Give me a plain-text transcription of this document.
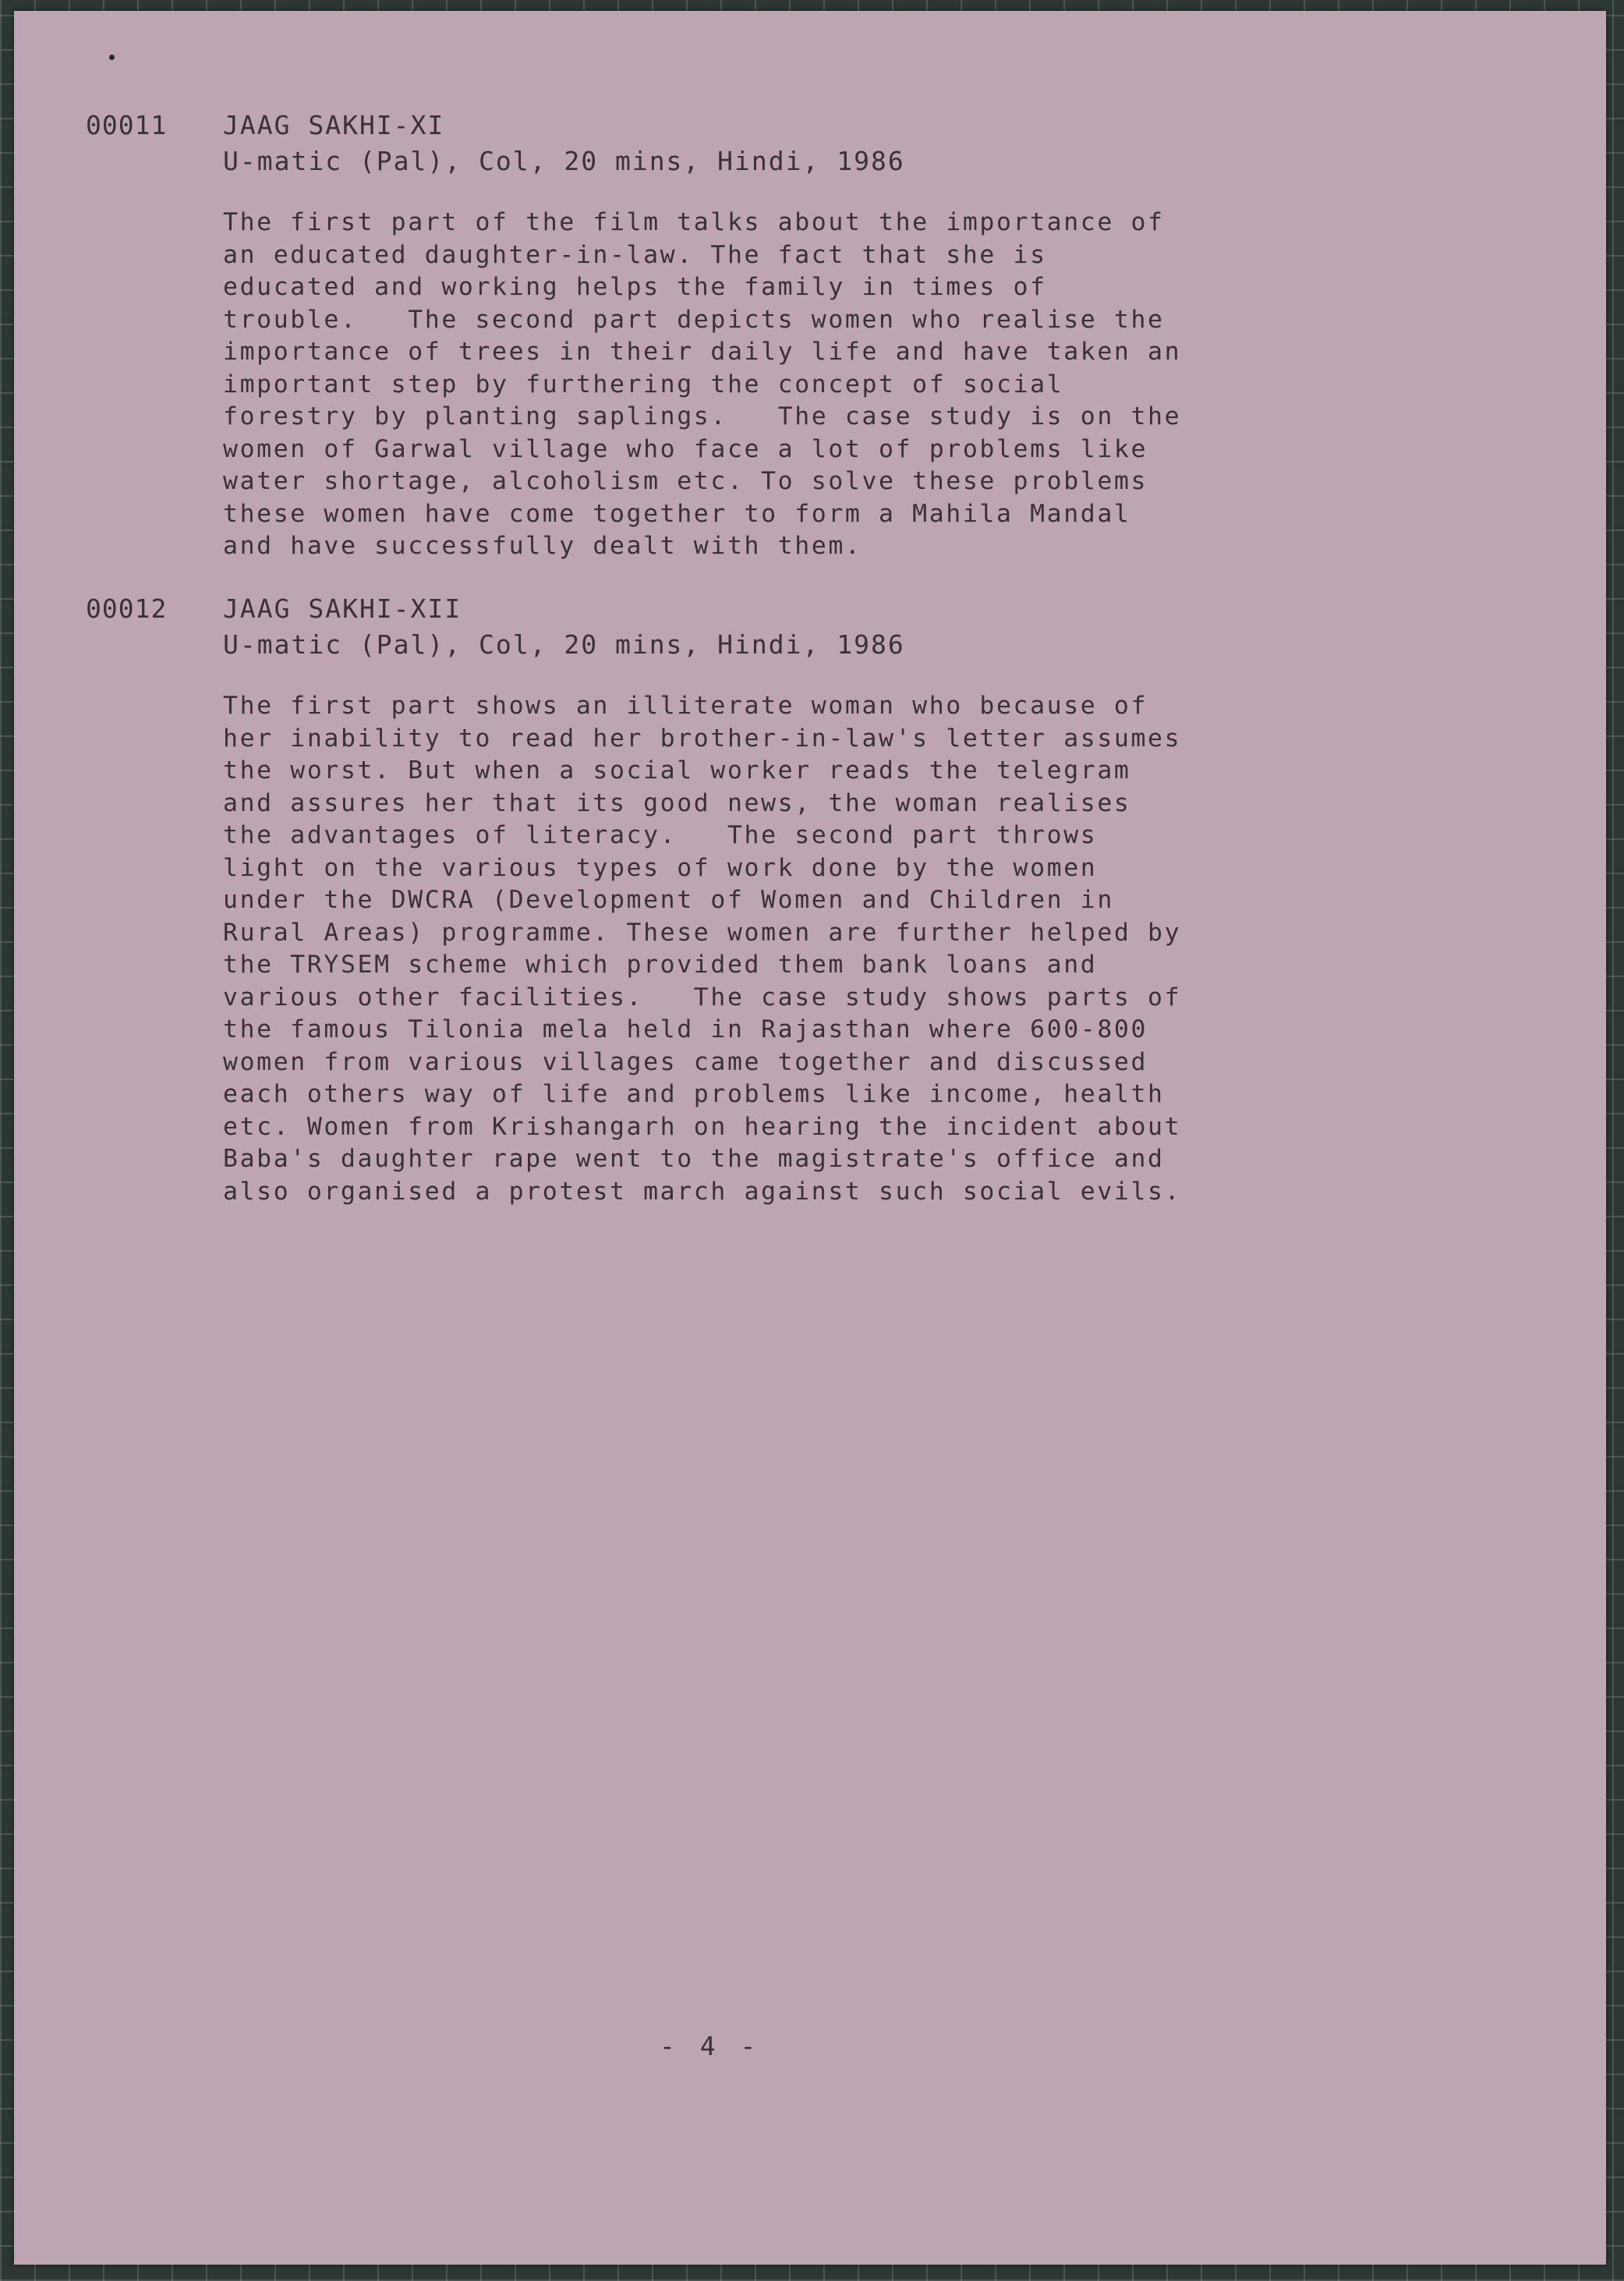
00011 JAAG SAKHI-XI
U-matic (Pal), Col, 20 mins, Hindi, 1986
The first part of the film talks about the importance of
an educated daughter-in-law. The fact that she is
educated and working helps the family in times of
trouble.   The second part depicts women who realise the
importance of trees in their daily life and have taken an
important step by furthering the concept of social
forestry by planting saplings.   The case study is on the
women of Garwal village who face a lot of problems like
water shortage, alcoholism etc. To solve these problems
these women have come together to form a Mahila Mandal
and have successfully dealt with them.
00012 JAAG SAKHI-XII
U-matic (Pal), Col, 20 mins, Hindi, 1986
The first part shows an illiterate woman who because of
her inability to read her brother-in-law's letter assumes
the worst. But when a social worker reads the telegram
and assures her that its good news, the woman realises
the advantages of literacy.   The second part throws
light on the various types of work done by the women
under the DWCRA (Development of Women and Children in
Rural Areas) programme. These women are further helped by
the TRYSEM scheme which provided them bank loans and
various other facilities.   The case study shows parts of
the famous Tilonia mela held in Rajasthan where 600-800
women from various villages came together and discussed
each others way of life and problems like income, health
etc. Women from Krishangarh on hearing the incident about
Baba's daughter rape went to the magistrate's office and
also organised a protest march against such social evils.
- 4 -
